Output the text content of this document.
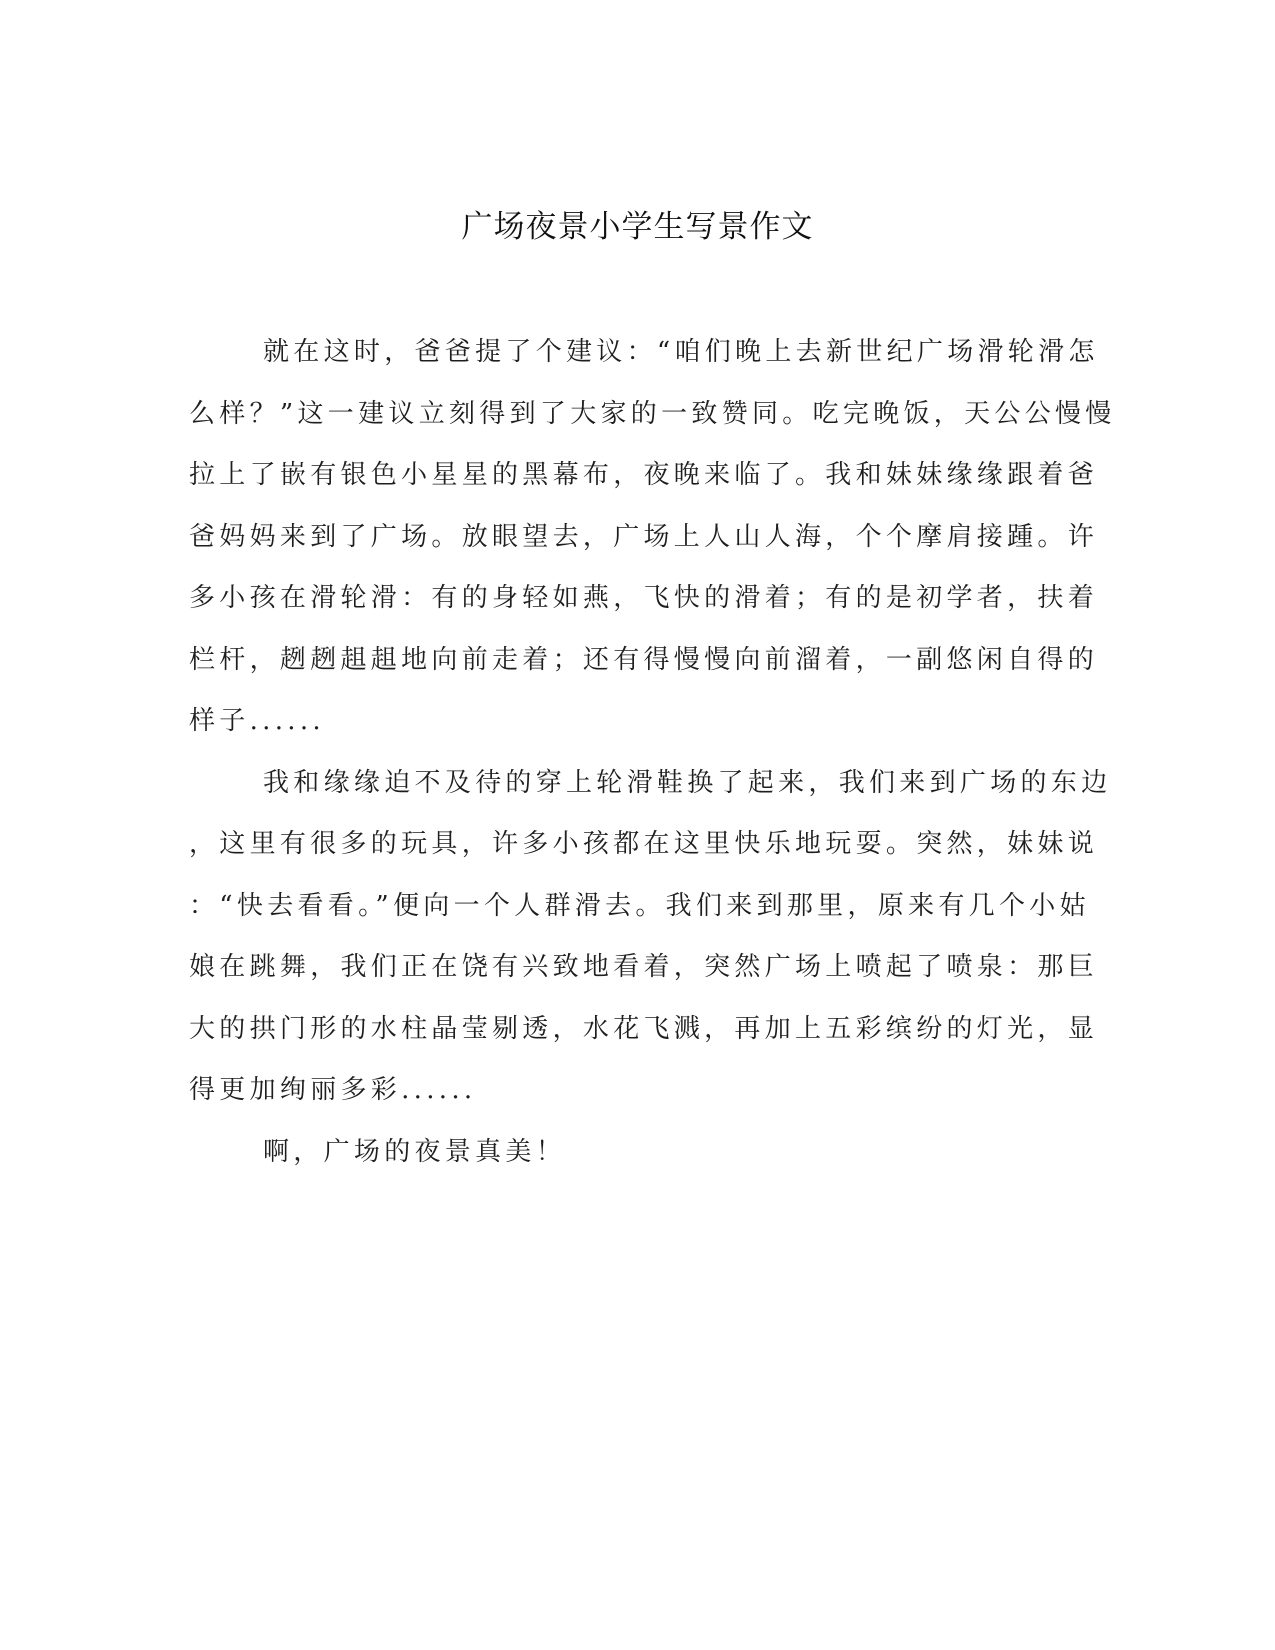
广场夜景小学生写景作文
就在这时，爸爸提了个建议：“咱们晚上去新世纪广场滑轮滑怎
么样？”这一建议立刻得到了大家的一致赞同。吃完晚饭，天公公慢慢
拉上了嵌有银色小星星的黑幕布，夜晚来临了。我和妹妹缘缘跟着爸
爸妈妈来到了广场。放眼望去，广场上人山人海，个个摩肩接踵。许
多小孩在滑轮滑：有的身轻如燕，飞快的滑着；有的是初学者，扶着
栏杆，趔趔趄趄地向前走着；还有得慢慢向前溜着，一副悠闲自得的
样子......
我和缘缘迫不及待的穿上轮滑鞋换了起来，我们来到广场的东边
，这里有很多的玩具，许多小孩都在这里快乐地玩耍。突然，妹妹说
：“快去看看。”便向一个人群滑去。我们来到那里，原来有几个小姑
娘在跳舞，我们正在饶有兴致地看着，突然广场上喷起了喷泉：那巨
大的拱门形的水柱晶莹剔透，水花飞溅，再加上五彩缤纷的灯光，显
得更加绚丽多彩......
啊，广场的夜景真美！
